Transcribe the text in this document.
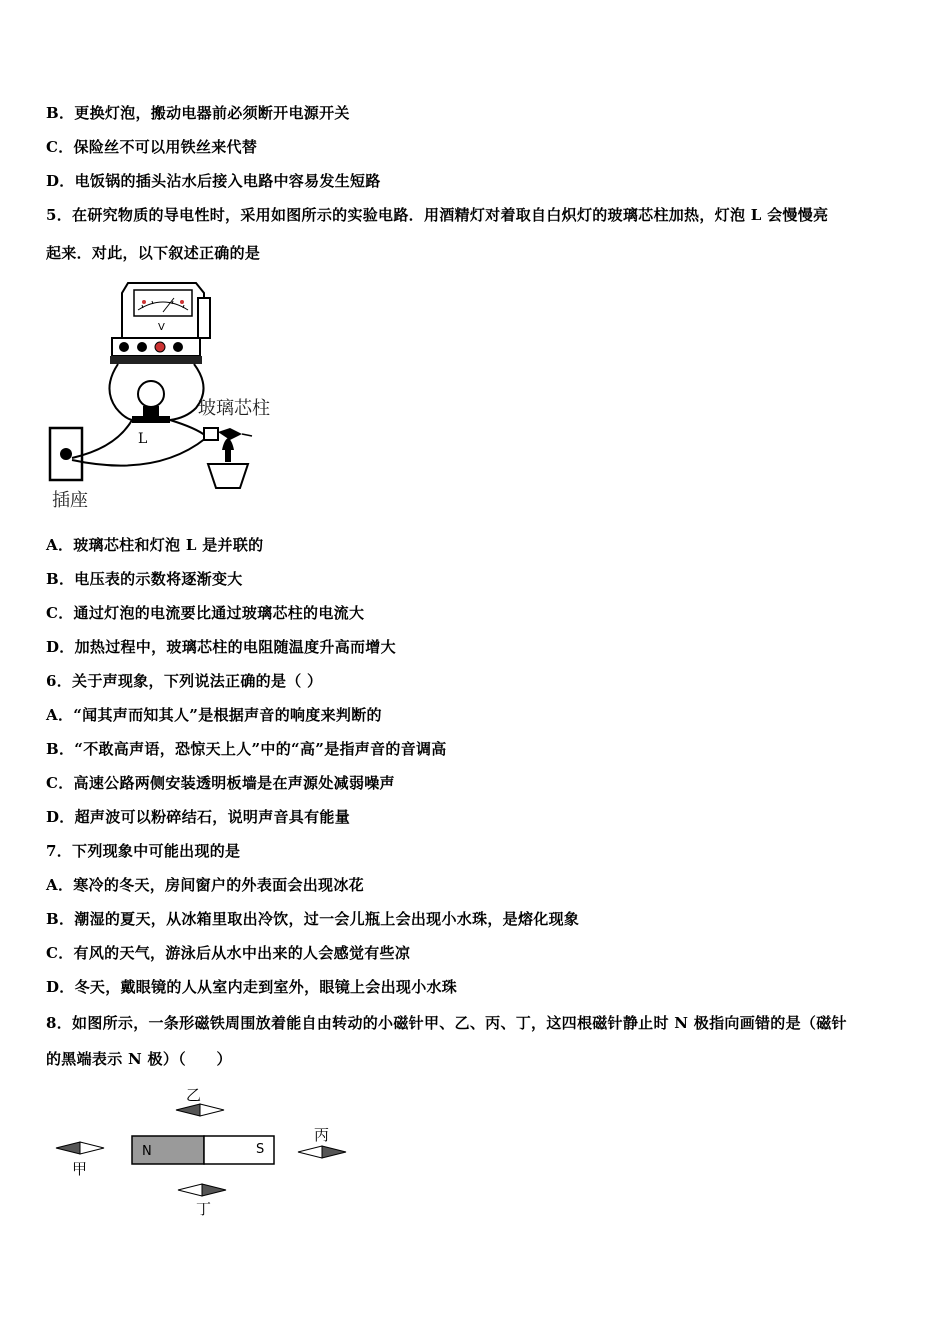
B．更换灯泡，搬动电器前必须断开电源开关
C．保险丝不可以用铁丝来代替
D．电饭锅的插头沾水后接入电路中容易发生短路
5．在研究物质的导电性时，采用如图所示的实验电路．用酒精灯对着取自白炽灯的玻璃芯柱加热，灯泡 L 会慢慢亮
起来．对此，以下叙述正确的是
V
L
玻璃芯柱
插座
A．玻璃芯柱和灯泡 L 是并联的
B．电压表的示数将逐渐变大
C．通过灯泡的电流要比通过玻璃芯柱的电流大
D．加热过程中，玻璃芯柱的电阻随温度升高而增大
6．关于声现象，下列说法正确的是（ ）
A．“闻其声而知其人”是根据声音的响度来判断的
B．“不敢高声语，恐惊天上人”中的“高”是指声音的音调高
C．高速公路两侧安装透明板墙是在声源处减弱噪声
D．超声波可以粉碎结石，说明声音具有能量
7．下列现象中可能出现的是
A．寒冷的冬天，房间窗户的外表面会出现冰花
B．潮湿的夏天，从冰箱里取出冷饮，过一会儿瓶上会出现小水珠，是熔化现象
C．有风的天气，游泳后从水中出来的人会感觉有些凉
D．冬天，戴眼镜的人从室内走到室外，眼镜上会出现小水珠
8．如图所示，一条形磁铁周围放着能自由转动的小磁针甲、乙、丙、丁，这四根磁针静止时 N 极指向画错的是（磁针
的黑端表示 N 极）（　　）
N	S
甲
乙
丙
丁
